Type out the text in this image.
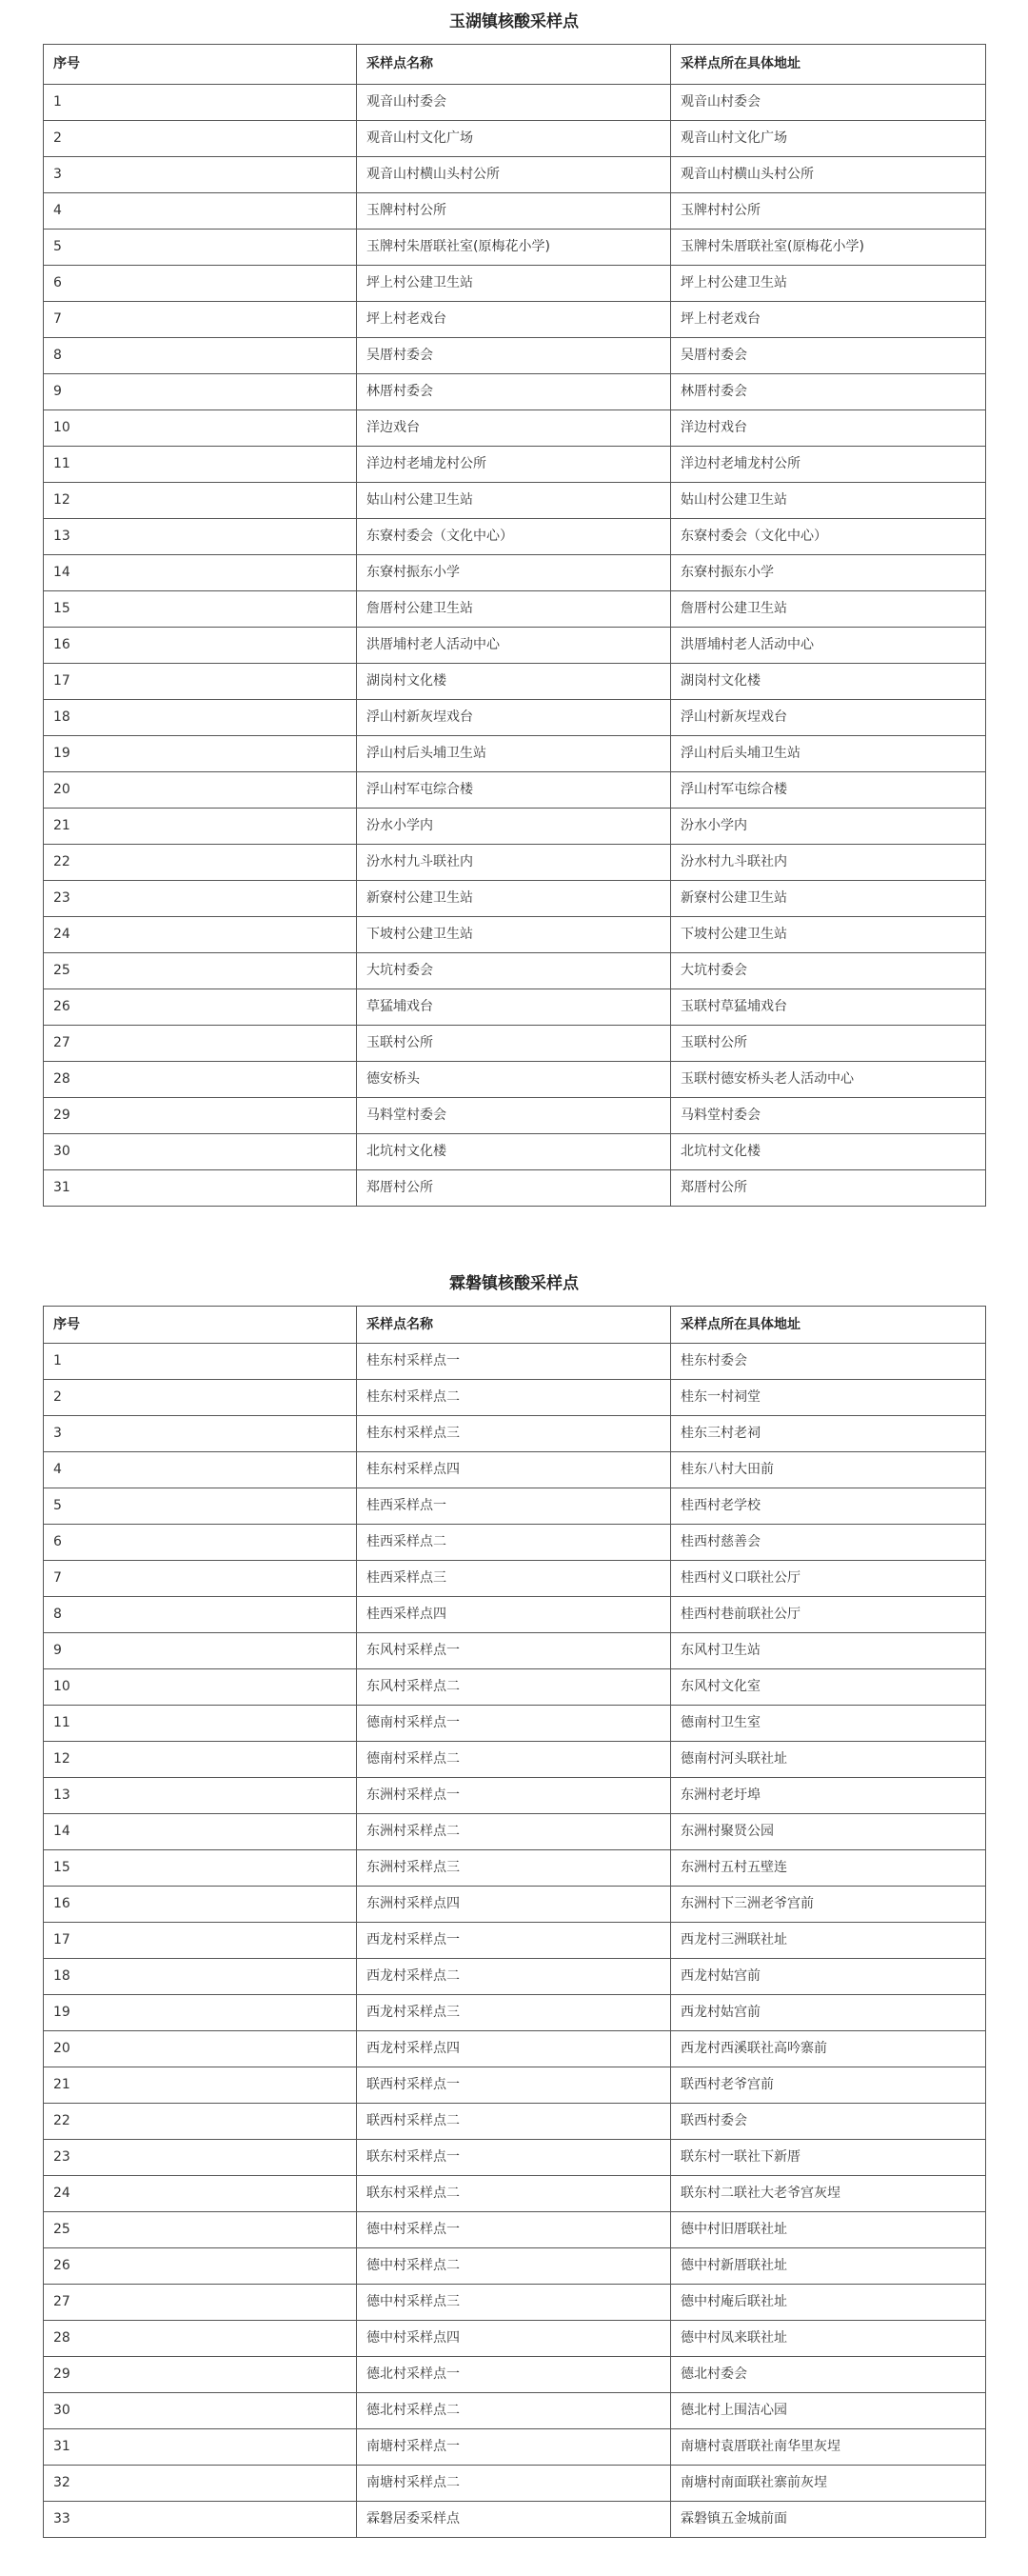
玉湖镇核酸采样点
序号	采样点名称	采样点所在具体地址
1	观音山村委会	观音山村委会
2	观音山村文化广场	观音山村文化广场
3	观音山村横山头村公所	观音山村横山头村公所
4	玉牌村村公所	玉牌村村公所
5	玉牌村朱厝联社室(原梅花小学)	玉牌村朱厝联社室(原梅花小学)
6	坪上村公建卫生站	坪上村公建卫生站
7	坪上村老戏台	坪上村老戏台
8	吴厝村委会	吴厝村委会
9	林厝村委会	林厝村委会
10	洋边戏台	洋边村戏台
11	洋边村老埔龙村公所	洋边村老埔龙村公所
12	姑山村公建卫生站	姑山村公建卫生站
13	东寮村委会（文化中心）	东寮村委会（文化中心）
14	东寮村振东小学	东寮村振东小学
15	詹厝村公建卫生站	詹厝村公建卫生站
16	洪厝埔村老人活动中心	洪厝埔村老人活动中心
17	湖岗村文化楼	湖岗村文化楼
18	浮山村新灰埕戏台	浮山村新灰埕戏台
19	浮山村后头埔卫生站	浮山村后头埔卫生站
20	浮山村军屯综合楼	浮山村军屯综合楼
21	汾水小学内	汾水小学内
22	汾水村九斗联社内	汾水村九斗联社内
23	新寮村公建卫生站	新寮村公建卫生站
24	下坡村公建卫生站	下坡村公建卫生站
25	大坑村委会	大坑村委会
26	草猛埔戏台	玉联村草猛埔戏台
27	玉联村公所	玉联村公所
28	德安桥头	玉联村德安桥头老人活动中心
29	马料堂村委会	马料堂村委会
30	北坑村文化楼	北坑村文化楼
31	郑厝村公所	郑厝村公所
霖磐镇核酸采样点
序号	采样点名称	采样点所在具体地址
1	桂东村采样点一	桂东村委会
2	桂东村采样点二	桂东一村祠堂
3	桂东村采样点三	桂东三村老祠
4	桂东村采样点四	桂东八村大田前
5	桂西采样点一	桂西村老学校
6	桂西采样点二	桂西村慈善会
7	桂西采样点三	桂西村义口联社公厅
8	桂西采样点四	桂西村巷前联社公厅
9	东风村采样点一	东风村卫生站
10	东风村采样点二	东风村文化室
11	德南村采样点一	德南村卫生室
12	德南村采样点二	德南村河头联社址
13	东洲村采样点一	东洲村老圩埠
14	东洲村采样点二	东洲村聚贤公园
15	东洲村采样点三	东洲村五村五壁连
16	东洲村采样点四	东洲村下三洲老爷宫前
17	西龙村采样点一	西龙村三洲联社址
18	西龙村采样点二	西龙村姑宫前
19	西龙村采样点三	西龙村姑宫前
20	西龙村采样点四	西龙村西溪联社高吟寨前
21	联西村采样点一	联西村老爷宫前
22	联西村采样点二	联西村委会
23	联东村采样点一	联东村一联社下新厝
24	联东村采样点二	联东村二联社大老爷宫灰埕
25	德中村采样点一	德中村旧厝联社址
26	德中村采样点二	德中村新厝联社址
27	德中村采样点三	德中村庵后联社址
28	德中村采样点四	德中村凤来联社址
29	德北村采样点一	德北村委会
30	德北村采样点二	德北村上围洁心园
31	南塘村采样点一	南塘村袁厝联社南华里灰埕
32	南塘村采样点二	南塘村南面联社寨前灰埕
33	霖磐居委采样点	霖磐镇五金城前面
